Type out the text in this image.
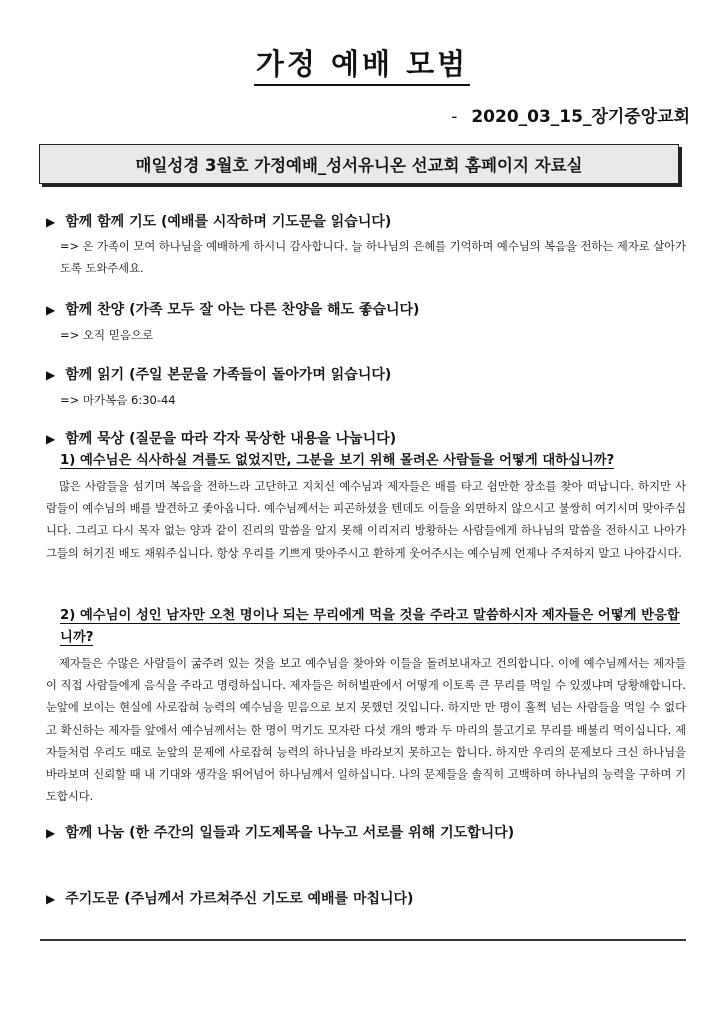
가정 예배 모범
- 2020_03_15_장기중앙교회
매일성경 3월호 가정예배_성서유니온 선교회 홈페이지 자료실
▶ 함께 함께 기도 (예배를 시작하며 기도문을 읽습니다)
=> 온 가족이 모여 하나님을 예배하게 하시니 감사합니다. 늘 하나님의 은혜를 기억하며 예수님의 복음을 전하는 제자로 살아가도록 도와주세요.
▶ 함께 찬양 (가족 모두 잘 아는 다른 찬양을 해도 좋습니다)
=> 오직 믿음으로
▶ 함께 읽기 (주일 본문을 가족들이 돌아가며 읽습니다)
=> 마가복음 6:30-44
▶ 함께 묵상 (질문을 따라 각자 묵상한 내용을 나눕니다)
1) 예수님은 식사하실 겨를도 없었지만, 그분을 보기 위해 몰려온 사람들을 어떻게 대하십니까?
많은 사람들을 섬기며 복음을 전하느라 고단하고 지치신 예수님과 제자들은 배를 타고 쉼만한 장소를 찾아 떠납니다. 하지만 사람들이 예수님의 배를 발견하고 좇아옵니다. 예수님께서는 피곤하셨을 텐데도 이들을 외면하지 않으시고 불쌍히 여기시며 맞아주십니다. 그리고 다시 목자 없는 양과 같이 진리의 말씀을 알지 못해 이리저리 방황하는 사람들에게 하나님의 말씀을 전하시고 나아가 그들의 허기진 배도 채워주십니다. 항상 우리를 기쁘게 맞아주시고 환하게 웃어주시는 예수님께 언제나 주저하지 말고 나아갑시다.
2) 예수님이 성인 남자만 오천 명이나 되는 무리에게 먹을 것을 주라고 말씀하시자 제자들은 어떻게 반응합니까?
제자들은 수많은 사람들이 굶주려 있는 것을 보고 예수님을 찾아와 이들을 돌려보내자고 건의합니다. 이에 예수님께서는 제자들이 직접 사람들에게 음식을 주라고 명령하십니다. 제자들은 허허벌판에서 어떻게 이토록 큰 무리를 먹일 수 있겠냐며 당황해합니다. 눈앞에 보이는 현실에 사로잡혀 능력의 예수님을 믿음으로 보지 못했던 것입니다. 하지만 만 명이 훌쩍 넘는 사람들을 먹일 수 없다고 확신하는 제자들 앞에서 예수님께서는 한 명이 먹기도 모자란 다섯 개의 빵과 두 마리의 물고기로 무리를 배불리 먹이십니다. 제자들처럼 우리도 때로 눈앞의 문제에 사로잡혀 능력의 하나님을 바라보지 못하고는 합니다. 하지만 우리의 문제보다 크신 하나님을 바라보며 신뢰할 때 내 기대와 생각을 뛰어넘어 하나님께서 일하십니다. 나의 문제들을 솔직히 고백하며 하나님의 능력을 구하며 기도합시다.
▶ 함께 나눔 (한 주간의 일들과 기도제목을 나누고 서로를 위해 기도합니다)
▶ 주기도문 (주님께서 가르쳐주신 기도로 예배를 마칩니다)
